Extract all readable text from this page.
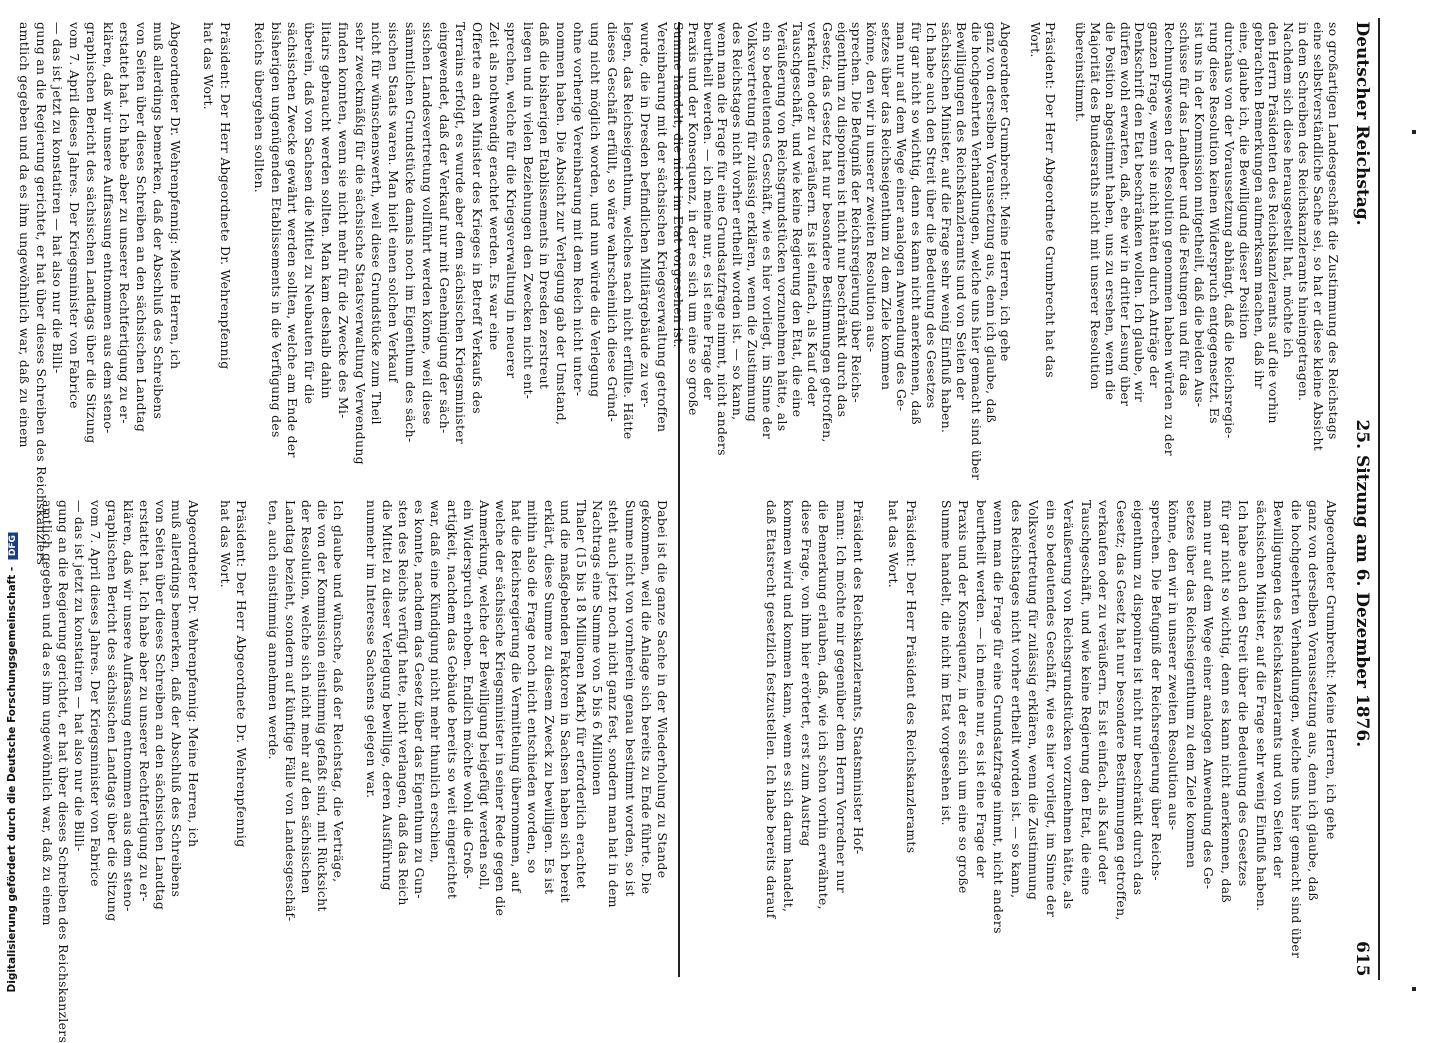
Deutscher Reichstag.
25. Sitzung am 6. Dezember 1876.
615
Vereinbarung mit der sächsischen Kriegsverwaltung getroffen
wurde, die in Dresden befindlichen Militärgebäude zu ver-
legen, das Reichseigenthum, welches nach nicht erfüllte. Hätte
dieses Geschäft erfüllt, so wäre wahrscheinlich diese Gründ-
ung nicht möglich worden, und nun würde die Verlegung
ohne vorherige Vereinbarung mit dem Reich nicht unter-
nommen haben. Die Absicht zur Verlegung gab der Umstand,
daß die bisherigen Etablissements in Dresden zerstreut
liegen und in vielen Beziehungen den Zwecken nicht ent-
sprechen, welche für die Kriegsverwaltung in neuerer
Zeit als nothwendig erachtet werden. Es war eine
Offerte an den Minister des Krieges in Betreff Verkaufs des
Terrains erfolgt, es wurde aber dem sächsischen Kriegsminister
eingewendet, daß der Verkauf nur mit Genehmigung der säch-
sischen Landesvertretung vollführt werden könne, weil diese
sämmtlichen Grundstücke damals noch im Eigenthum des säch-
sischen Staats waren. Man hielt einen solchen Verkauf
nicht für wünschenswerth, weil diese Grundstücke zum Theil
sehr zweckmäßig für die sächsische Staatsverwaltung Verwendung
finden konnten, wenn sie nicht mehr für die Zwecke des Mi-
litairs gebraucht werden sollten. Man kam deshalb dahin
überein, daß von Sachsen die Mittel zu Neubauten für die
sächsischen Zwecke gewährt werden sollten, welche am Ende der
bisherigen ungenügenden Etablissements in die Verfügung des
Reichs übergehen sollten.
Präsident: Der Herr Abgeordnete Dr. Wehrenpfennig
hat das Wort.
Abgeordneter Dr. Wehrenpfennig: Meine Herren, ich
muß allerdings bemerken, daß der Abschluß des Schreibens
von Seiten über dieses Schreiben an den sächsischen Landtag
erstattet hat. Ich habe aber zu unserer Rechtfertigung zu er-
klären, daß wir unsere Auffassung entnommen aus dem steno-
graphischen Bericht des sächsischen Landtags über die Sitzung
vom 7. April dieses Jahres. Der Kriegsminister von Fabrice
— das ist jetzt zu konstatiren — hat also nur die Billi-
gung an die Regierung gerichtet, er hat über dieses Schreiben des Reichskanzlers
amtlich gegeben und da es ihm ungewöhnlich war, daß zu einem
Dabei ist die ganze Sache in der Wiederholung zu Stande
gekommen, weil die Anlage sich bereits zu Ende führte. Die
Summe nicht von vornherein genau bestimmt worden, so ist
steht auch jetzt noch nicht ganz fest, sondern man hat in dem
Nachtrags eine Summe von 5 bis 6 Millionen
Thaler (15 bis 18 Millionen Mark) für erforderlich erachtet
und die maßgebenden Faktoren in Sachsen haben sich bereit
erklärt, diese Summe zu diesem Zweck zu bewilligen. Es ist
mithin also die Frage noch nicht entschieden worden, so
hat die Reichsregierung die Vermittelung übernommen, auf
welche der sächsische Kriegsminister in seiner Rede gegen die
Anmerkung, welche der Bewilligung beigefügt werden soll,
ein Widerspruch erhoben. Endlich möchte wohl die Groß-
artigkeit, nachdem das Gebäude bereits so weit eingerichtet
war, daß eine Kündigung nicht mehr thunlich erschien,
es konnte, nachdem das Gesetz über das Eigenthum zu Gun-
sten des Reichs verfügt hatte, nicht verlangen, daß das Reich
die Mittel zu dieser Verlegung bewillige, deren Ausführung
nunmehr im Interesse Sachsens gelegen war.
Ich glaube und wünsche, daß der Reichstag, die Verträge,
die von der Kommission einstimmig gefaßt sind, mit Rücksicht
der Resolution, welche sich nicht mehr auf den sächsischen
Landtag bezieht, sondern auf künftige Fälle von Landesgeschäf-
ten, auch einstimmig annehmen werde.
Präsident: Der Herr Abgeordnete Dr. Wehrenpfennig
hat das Wort.
Abgeordneter Dr. Wehrenpfennig: Meine Herren, ich
muß allerdings bemerken, daß der Abschluß des Schreibens
von Seiten über dieses Schreiben an den sächsischen Landtag
erstattet hat. Ich habe aber zu unserer Rechtfertigung zu er-
klären, daß wir unsere Auffassung entnommen aus dem steno-
graphischen Bericht des sächsischen Landtags über die Sitzung
vom 7. April dieses Jahres. Der Kriegsminister von Fabrice
— das ist jetzt zu konstatiren — hat also nur die Billi-
gung an die Regierung gerichtet, er hat über dieses Schreiben des Reichskanzlers
amtlich gegeben und da es ihm ungewöhnlich war, daß zu einem
so großartigen Landesgeschäft die Zustimmung des Reichstags
eine selbstverständliche Sache sei, so hat er diese kleine Absicht
in dem Schreiben des Reichskanzleramts hineingetragen.
Nachdem sich diese herausgestellt hat, möchte ich
den Herrn Präsidenten des Reichskanzleramts auf die vorhin
gebrachten Bemerkungen aufmerksam machen, daß ihr
eine, glaube ich, die Bewilligung dieser Position
durchaus von der Voraussetzung abhängt, daß die Reichsregie-
rung diese Resolution keinen Widerspruch entgegensetzt. Es
ist uns in der Kommission mitgetheilt, daß die beiden Aus-
schüsse für das Landheer und die Festungen und für das
Rechnungswesen der Resolution genommen haben würden zu der
ganzen Frage, wenn sie nicht hätten durch Anträge der
Denkschrift den Etat beschränken wollen. Ich glaube, wir
dürfen wohl erwarten, daß, ehe wir in dritter Lesung über
die Position abgestimmt haben, uns zu ersehen, wenn die
Majorität des Bundesraths nicht mit unserer Resolution
übereinstimmt.
Präsident: Der Herr Abgeordnete Grumbrecht hat das
Wort.
Abgeordneter Grumbrecht: Meine Herren, ich gehe
ganz von derselben Voraussetzung aus, denn ich glaube, daß
die hochgeehrten Verhandlungen, welche uns hier gemacht sind über
Bewilligungen des Reichskanzleramts und von Seiten der
sächsischen Minister, auf die Frage sehr wenig Einfluß haben.
Ich habe auch den Streit über die Bedeutung des Gesetzes
für gar nicht so wichtig, denn es kann nicht anerkennen, daß
man nur auf dem Wege einer analogen Anwendung des Ge-
setzes über das Reichseigenthum zu dem Ziele kommen
könne, den wir in unserer zweiten Resolution aus-
sprechen. Die Befugniß der Reichsregierung über Reichs-
eigenthum zu disponiren ist nicht nur beschränkt durch das
Gesetz; das Gesetz hat nur besondere Bestimmungen getroffen,
verkaufen oder zu veräußern. Es ist einfach, als Kauf oder
Tauschgeschäft, und wie keine Regierung den Etat, die eine
Veräußerung von Reichsgrundstücken vorzunehmen hätte, als
ein so bedeutendes Geschäft, wie es hier vorliegt, im Sinne der
Volksvertretung für zulässig erklären, wenn die Zustimmung
des Reichstages nicht vorher ertheilt worden ist. — so kann,
wenn man die Frage für eine Grundsatzfrage nimmt, nicht anders
beurtheilt werden. — ich meine nur, es ist eine Frage der
Praxis und der Konsequenz, in der es sich um eine so große
Summe handelt, die nicht im Etat vorgesehen ist.
Abgeordneter Grumbrecht: Meine Herren, ich gehe
ganz von derselben Voraussetzung aus, denn ich glaube, daß
die hochgeehrten Verhandlungen, welche uns hier gemacht sind über
Bewilligungen des Reichskanzleramts und von Seiten der
sächsischen Minister, auf die Frage sehr wenig Einfluß haben.
Ich habe auch den Streit über die Bedeutung des Gesetzes
für gar nicht so wichtig, denn es kann nicht anerkennen, daß
man nur auf dem Wege einer analogen Anwendung des Ge-
setzes über das Reichseigenthum zu dem Ziele kommen
könne, den wir in unserer zweiten Resolution aus-
sprechen. Die Befugniß der Reichsregierung über Reichs-
eigenthum zu disponiren ist nicht nur beschränkt durch das
Gesetz; das Gesetz hat nur besondere Bestimmungen getroffen,
verkaufen oder zu veräußern. Es ist einfach, als Kauf oder
Tauschgeschäft, und wie keine Regierung den Etat, die eine
Veräußerung von Reichsgrundstücken vorzunehmen hätte, als
ein so bedeutendes Geschäft, wie es hier vorliegt, im Sinne der
Volksvertretung für zulässig erklären, wenn die Zustimmung
des Reichstages nicht vorher ertheilt worden ist. — so kann,
wenn man die Frage für eine Grundsatzfrage nimmt, nicht anders
beurtheilt werden. — ich meine nur, es ist eine Frage der
Praxis und der Konsequenz, in der es sich um eine so große
Summe handelt, die nicht im Etat vorgesehen ist.
Präsident: Der Herr Präsident des Reichskanzleramts
hat das Wort.
Präsident des Reichskanzleramts, Staatsminister Hof-
mann: Ich möchte mir gegenüber dem Herrn Vorredner nur
die Bemerkung erlauben, daß, wie ich schon vorhin erwähnte,
diese Frage, von ihm hier erörtert, erst zum Austrag
kommen wird und kommen kann, wenn es sich darum handelt,
daß Etatsrecht gesetzlich festzustellen. Ich habe bereits darauf
Digitalisierung gefördert durch die Deutsche Forschungsgemeinschaft - DFG
